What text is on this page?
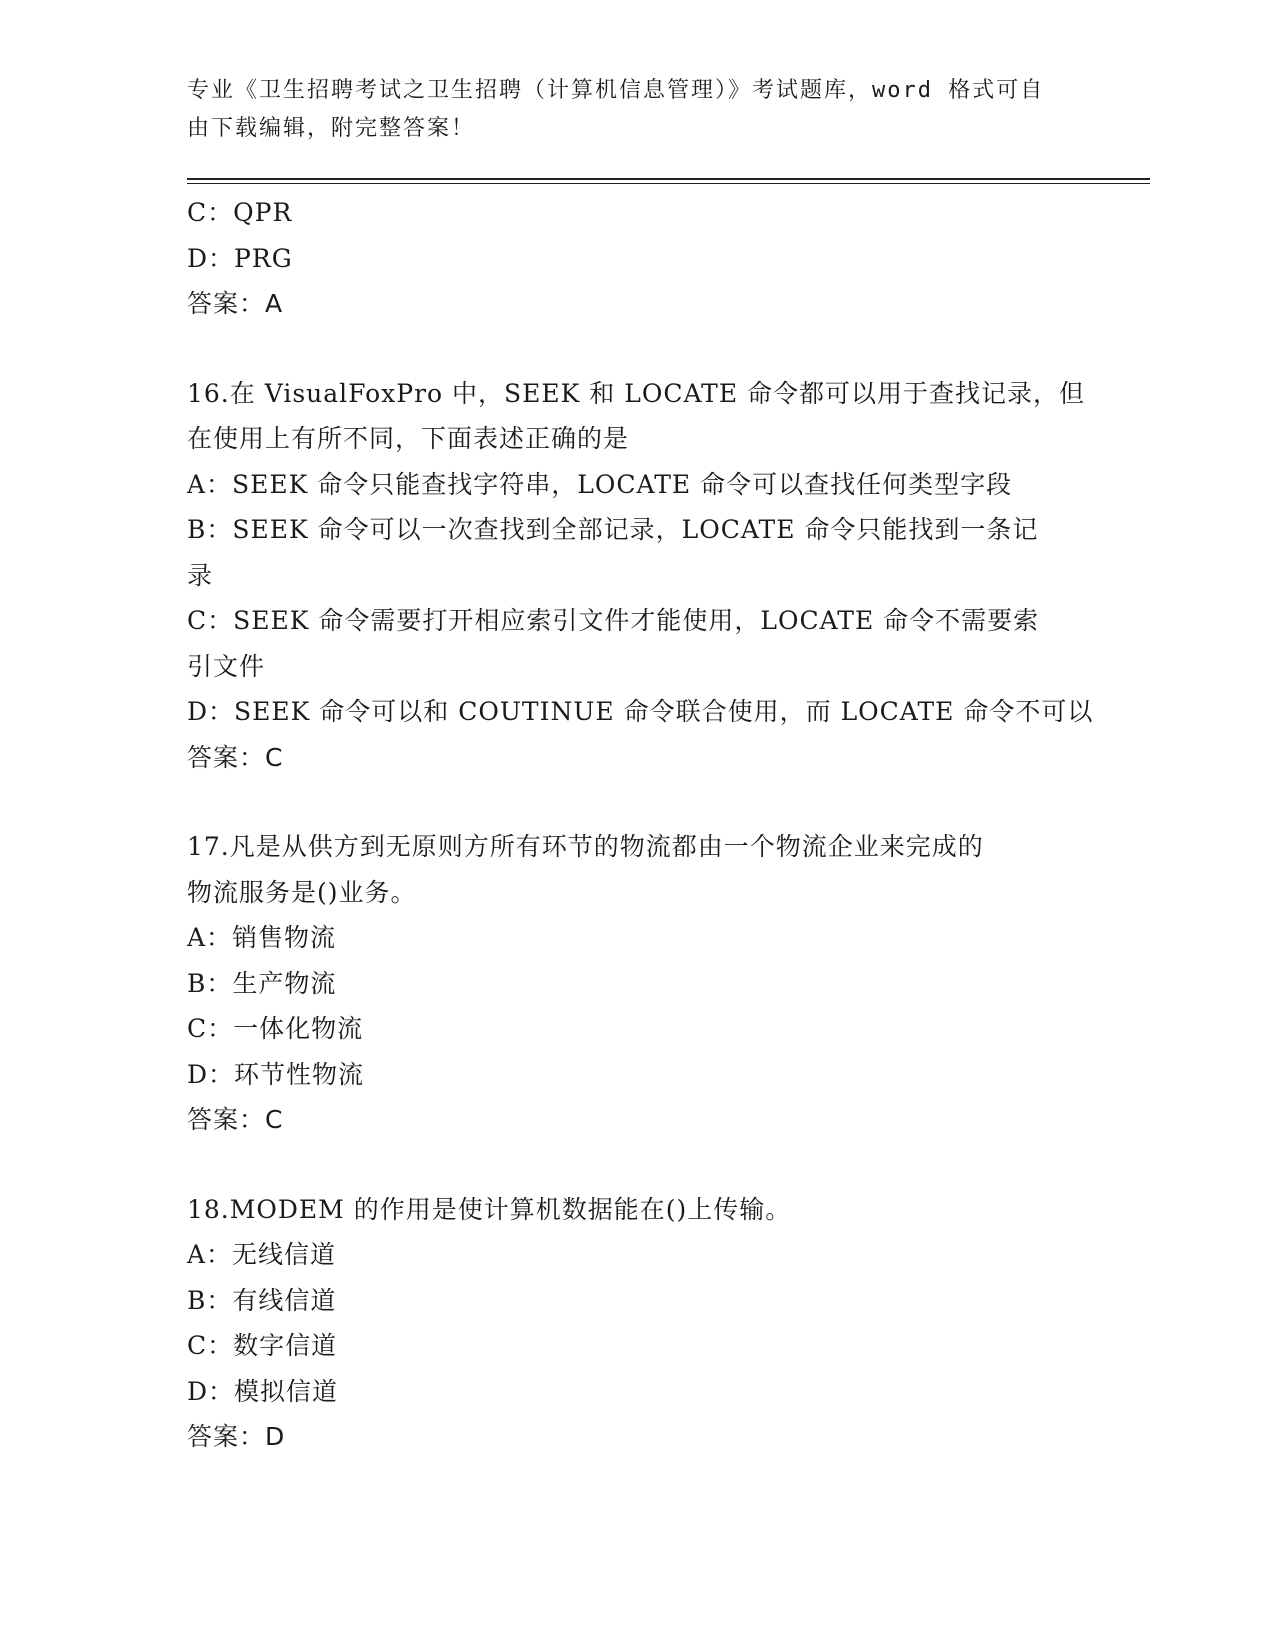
专业《卫生招聘考试之卫生招聘（计算机信息管理）》考试题库，word 格式可自
由下载编辑，附完整答案！
C：QPR
D：PRG
答案：A
16.在 VisualFoxPro 中，SEEK 和 LOCATE 命令都可以用于查找记录，但
在使用上有所不同，下面表述正确的是
A：SEEK 命令只能查找字符串，LOCATE 命令可以查找任何类型字段
B：SEEK 命令可以一次查找到全部记录，LOCATE 命令只能找到一条记
录
C：SEEK 命令需要打开相应索引文件才能使用，LOCATE 命令不需要索
引文件
D：SEEK 命令可以和 COUTINUE 命令联合使用，而 LOCATE 命令不可以
答案：C
17.凡是从供方到无原则方所有环节的物流都由一个物流企业来完成的
物流服务是()业务。
A：销售物流
B：生产物流
C：一体化物流
D：环节性物流
答案：C
18.MODEM 的作用是使计算机数据能在()上传输。
A：无线信道
B：有线信道
C：数字信道
D：模拟信道
答案：D
